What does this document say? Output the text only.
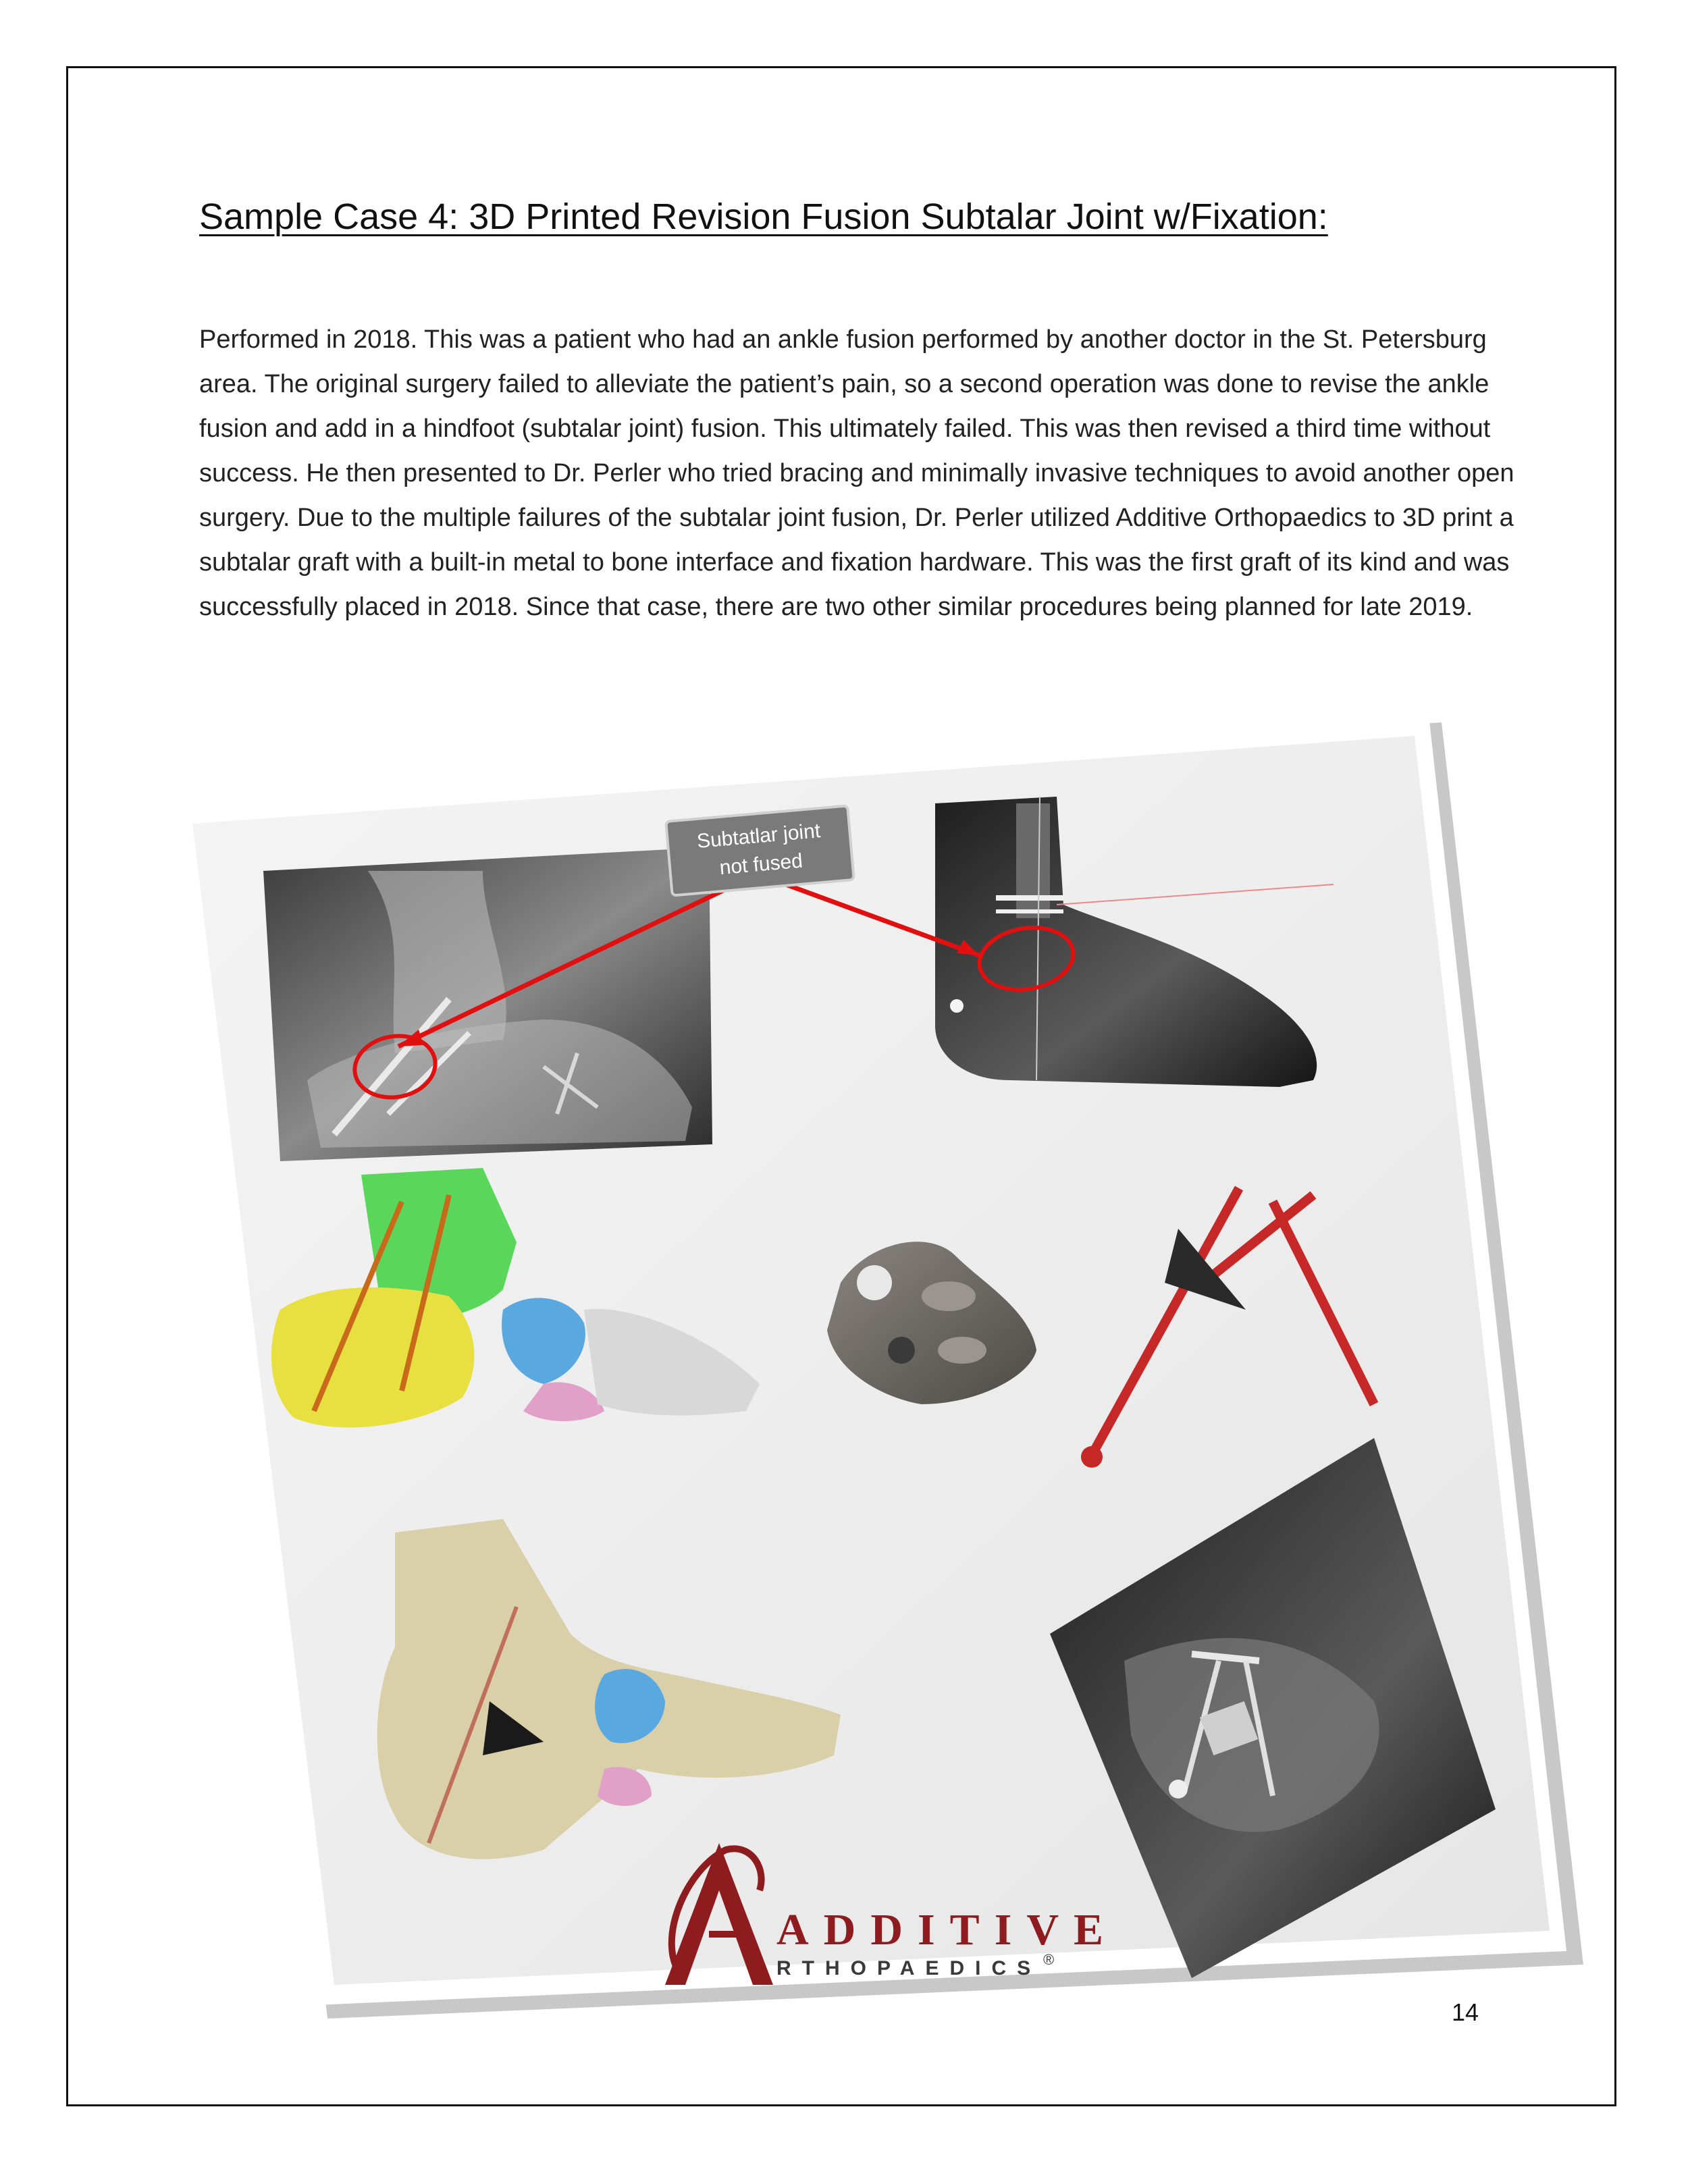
Sample Case 4: 3D Printed Revision Fusion Subtalar Joint w/Fixation:
Performed in 2018. This was a patient who had an ankle fusion performed by another doctor in the St. Petersburg area. The original surgery failed to alleviate the patient’s pain, so a second operation was done to revise the ankle fusion and add in a hindfoot (subtalar joint) fusion. This ultimately failed. This was then revised a third time without success. He then presented to Dr. Perler who tried bracing and minimally invasive techniques to avoid another open surgery. Due to the multiple failures of the subtalar joint fusion, Dr. Perler utilized Additive Orthopaedics to 3D print a subtalar graft with a built-in metal to bone interface and fixation hardware. This was the first graft of its kind and was successfully placed in 2018. Since that case, there are two other similar procedures being planned for late 2019.
Subtatlar joint
not fused
ADDITIVE
RTHOPAEDICS ®
14
